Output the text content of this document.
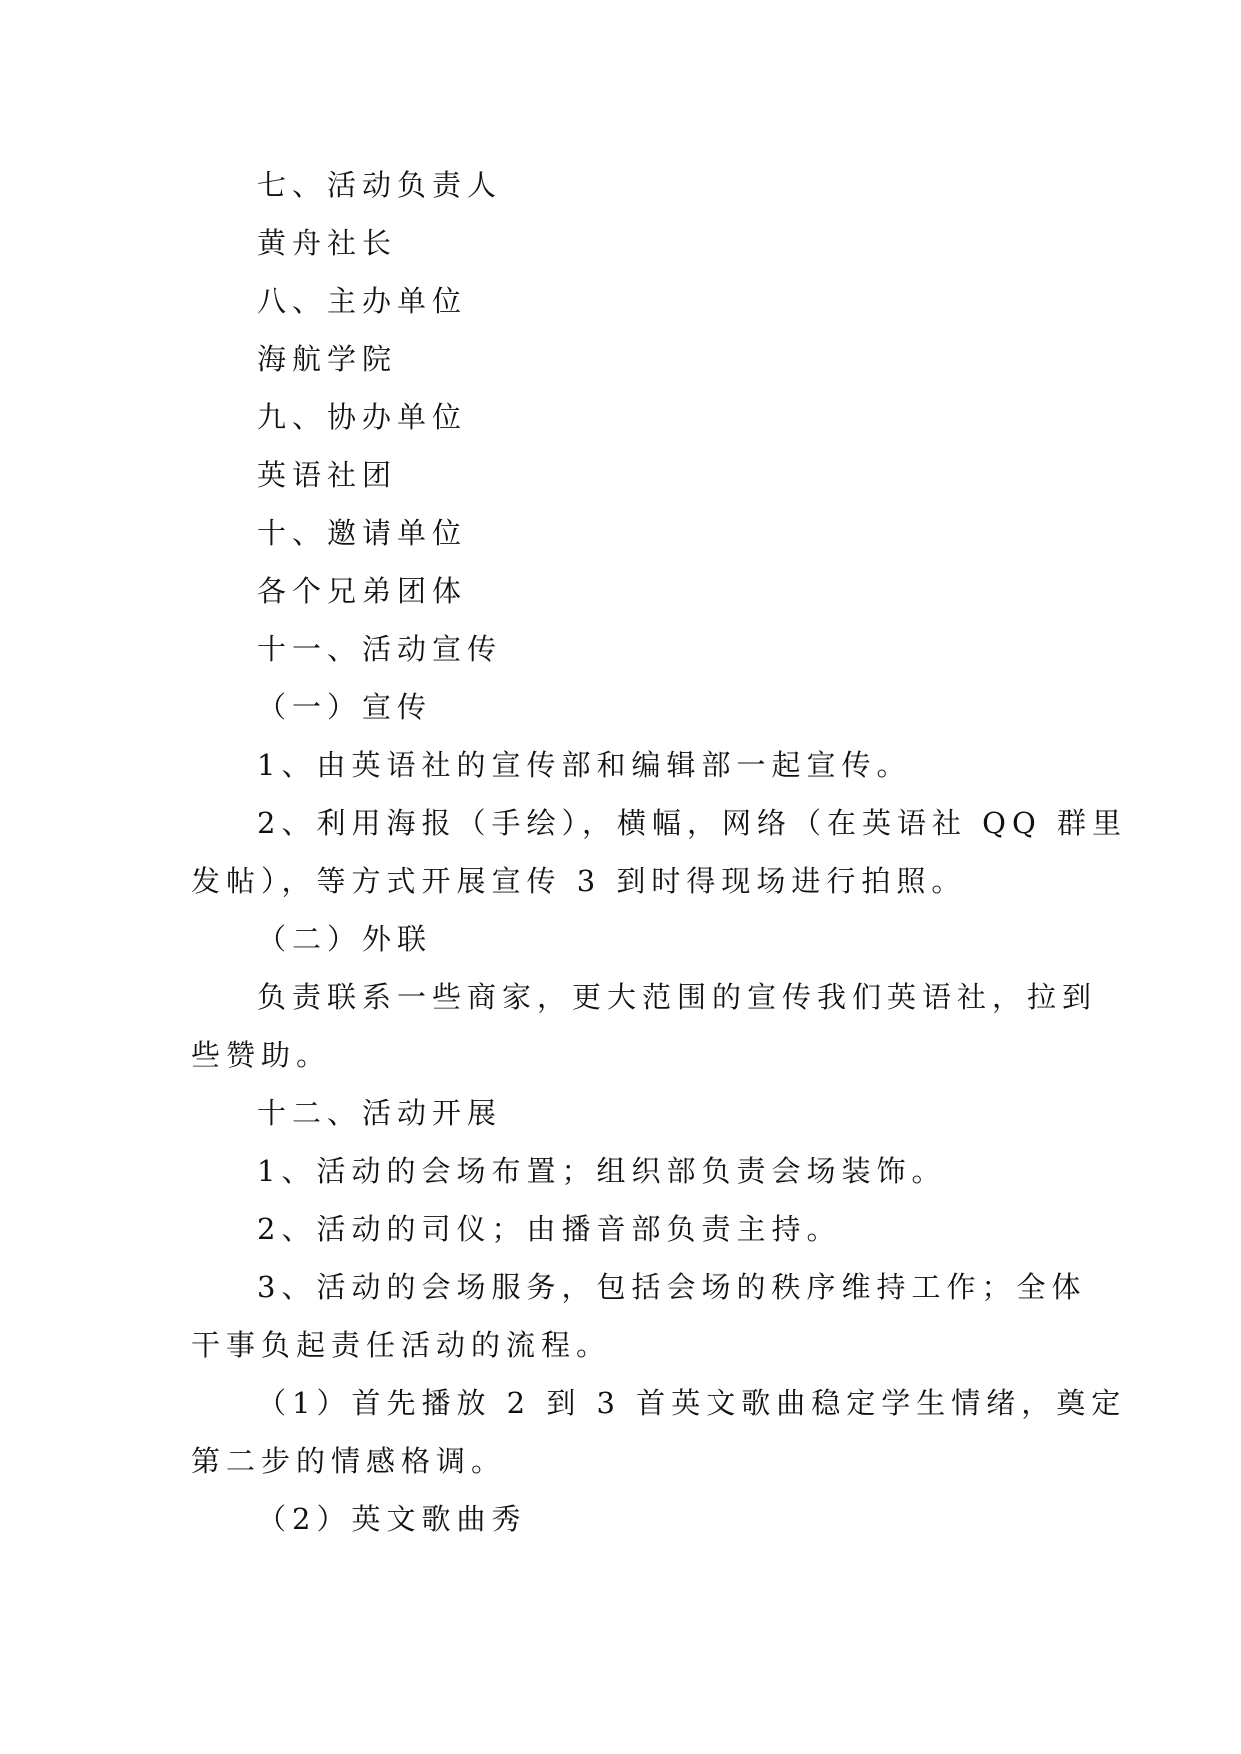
七、活动负责人
黄舟社长
八、主办单位
海航学院
九、协办单位
英语社团
十、邀请单位
各个兄弟团体
十一、活动宣传
（一）宣传
1、由英语社的宣传部和编辑部一起宣传。
2、利用海报（手绘），横幅，网络（在英语社 QQ 群里
发帖），等方式开展宣传 3 到时得现场进行拍照。
（二）外联
负责联系一些商家，更大范围的宣传我们英语社，拉到
些赞助。
十二、活动开展
1、活动的会场布置；组织部负责会场装饰。
2、活动的司仪；由播音部负责主持。
3、活动的会场服务，包括会场的秩序维持工作；全体
干事负起责任活动的流程。
（1）首先播放 2 到 3 首英文歌曲稳定学生情绪，奠定
第二步的情感格调。
（2）英文歌曲秀
